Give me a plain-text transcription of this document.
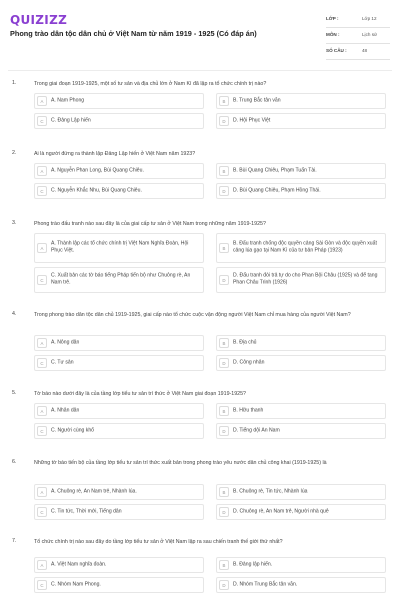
QUIZIZZ
Phong trào dân tộc dân chủ ở Việt Nam từ năm 1919 - 1925 (Có đáp án)
LỚP :	Lớp 12
MÔN :	Lịch sử
SỐ CÂU :	48
1.	Trong giai đoạn 1919-1925, một số tư sản và địa chủ lớn ở Nam Kì đã lập ra tổ chức chính trị nào?
A	A. Nam Phong	B	B. Trung Bắc tân văn
C	C. Đảng Lập hiến	D	D. Hội Phục Việt
2.	Ai là người đứng ra thành lập Đảng Lập hiến ở Việt Nam năm 1923?
A	A. Nguyễn Phan Long, Bùi Quang Chiêu.	B	B. Bùi Quang Chiêu, Phạm Tuấn Tài.
C	C. Nguyễn Khắc Nhu, Bùi Quang Chiêu.	D	D. Bùi Quang Chiêu, Phạm Hồng Thái.
3.	Phong trào đấu tranh nào sau đây là của giai cấp tư sản ở Việt Nam trong những năm 1919-1925?
A
A. Thành lập các tổ chức chính trị Việt Nam Nghĩa Đoàn, Hội Phục Việt.	B
B. Đấu tranh chống độc quyền cảng Sài Gòn và độc quyền xuất cảng lúa gạo tại Nam Kì của tư bản Pháp (1923)
C
C. Xuất bản các tờ báo tiếng Pháp tiến bộ như Chuông rè, An Nam trẻ.	D
D. Đấu tranh đòi trả tự do cho Phan Bội Châu (1925) và để tang Phan Châu Trinh (1926)
4.	Trong phong trào dân tộc dân chủ 1919-1925, giai cấp nào tổ chức cuộc vận động người Việt Nam chỉ mua hàng của người Việt Nam?
A	A. Nông dân	B	B. Địa chủ
C	C. Tư sản	D	D. Công nhân
5.	Tờ báo nào dưới đây là của tầng lớp tiểu tư sản trí thức ở Việt Nam giai đoạn 1919-1925?
A	A. Nhân dân	B	B. Hữu thanh
C	C. Người cùng khổ	D	D. Tiếng dội An Nam
6.	Những tờ báo tiến bộ của tầng lớp tiểu tư sản trí thức xuất bản trong phong trào yêu nước dân chủ công khai (1919-1925) là
A	A. Chuông rè, An Nam trẻ, Nhành lúa.	B	B. Chuông rè, Tin tức, Nhành lúa
C	C. Tin tức, Thời mới, Tiếng dân	D	D. Chuông rè, An Nam trẻ, Người nhà quê
7.	Tổ chức chính trị nào sau đây do tầng lớp tiểu tư sản ở Việt Nam lập ra sau chiến tranh thế giới thứ nhất?
A	A. Việt Nam nghĩa đoàn.	B	B. Đảng lập hiến.
C	C. Nhóm Nam Phong.	D	D. Nhóm Trung Bắc tân văn.
